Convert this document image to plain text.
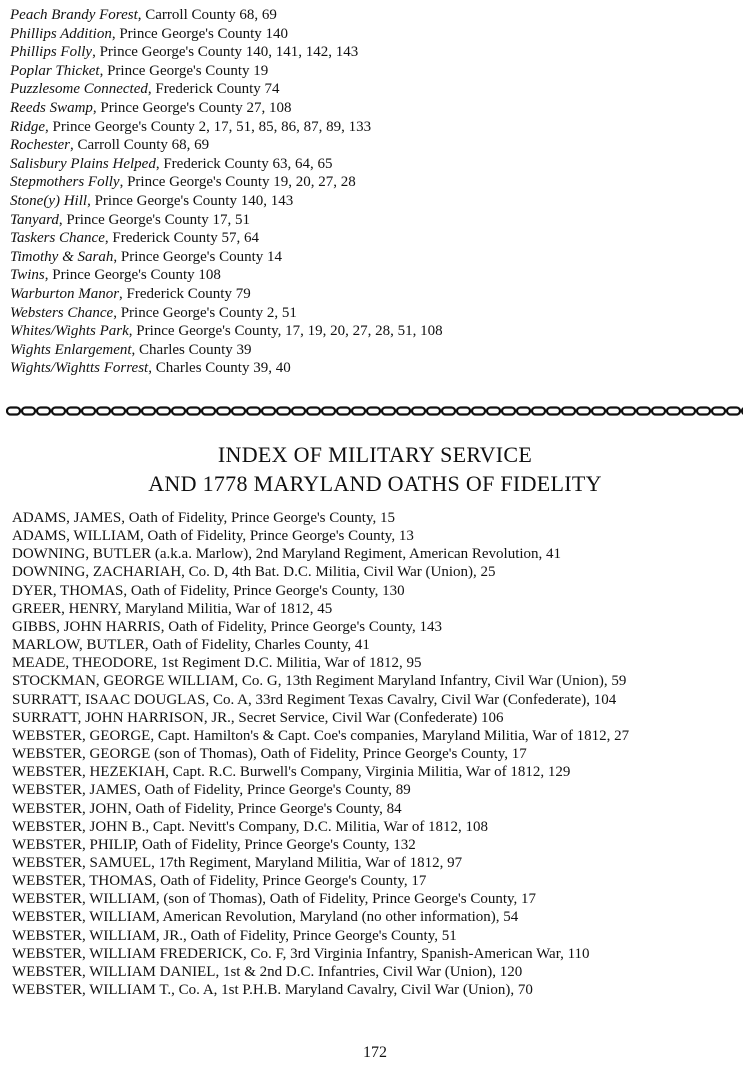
Peach Brandy Forest, Carroll County 68, 69
Phillips Addition, Prince George's County 140
Phillips Folly, Prince George's County 140, 141, 142, 143
Poplar Thicket, Prince George's County 19
Puzzlesome Connected, Frederick County 74
Reeds Swamp, Prince George's County 27, 108
Ridge, Prince George's County 2, 17, 51, 85, 86, 87, 89, 133
Rochester, Carroll County 68, 69
Salisbury Plains Helped, Frederick County 63, 64, 65
Stepmothers Folly, Prince George's County 19, 20, 27, 28
Stone(y) Hill, Prince George's County 140, 143
Tanyard, Prince George's County 17, 51
Taskers Chance, Frederick County 57, 64
Timothy & Sarah, Prince George's County 14
Twins, Prince George's County 108
Warburton Manor, Frederick County 79
Websters Chance, Prince George's County 2, 51
Whites/Wights Park, Prince George's County, 17, 19, 20, 27, 28, 51, 108
Wights Enlargement, Charles County 39
Wights/Wightts Forrest, Charles County 39, 40
INDEX OF MILITARY SERVICE
AND 1778 MARYLAND OATHS OF FIDELITY
ADAMS, JAMES, Oath of Fidelity, Prince George's County, 15
ADAMS, WILLIAM, Oath of Fidelity, Prince George's County, 13
DOWNING, BUTLER (a.k.a. Marlow), 2nd Maryland Regiment, American Revolution, 41
DOWNING, ZACHARIAH, Co. D, 4th Bat. D.C. Militia, Civil War (Union), 25
DYER, THOMAS, Oath of Fidelity, Prince George's County, 130
GREER, HENRY, Maryland Militia, War of 1812, 45
GIBBS, JOHN HARRIS, Oath of Fidelity, Prince George's County, 143
MARLOW, BUTLER, Oath of Fidelity, Charles County, 41
MEADE, THEODORE, 1st Regiment D.C. Militia, War of 1812, 95
STOCKMAN, GEORGE WILLIAM, Co. G, 13th Regiment Maryland Infantry, Civil War (Union), 59
SURRATT, ISAAC DOUGLAS, Co. A, 33rd Regiment Texas Cavalry, Civil War (Confederate), 104
SURRATT, JOHN HARRISON, JR., Secret Service, Civil War (Confederate) 106
WEBSTER, GEORGE, Capt. Hamilton's & Capt. Coe's companies, Maryland Militia, War of 1812, 27
WEBSTER, GEORGE (son of Thomas), Oath of Fidelity, Prince George's County, 17
WEBSTER, HEZEKIAH, Capt. R.C. Burwell's Company, Virginia Militia, War of 1812, 129
WEBSTER, JAMES, Oath of Fidelity, Prince George's County, 89
WEBSTER, JOHN, Oath of Fidelity, Prince George's County, 84
WEBSTER, JOHN B., Capt. Nevitt's Company, D.C. Militia, War of 1812, 108
WEBSTER, PHILIP, Oath of Fidelity, Prince George's County, 132
WEBSTER, SAMUEL, 17th Regiment, Maryland Militia, War of 1812, 97
WEBSTER, THOMAS, Oath of Fidelity, Prince George's County, 17
WEBSTER, WILLIAM, (son of Thomas), Oath of Fidelity, Prince George's County, 17
WEBSTER, WILLIAM, American Revolution, Maryland (no other information), 54
WEBSTER, WILLIAM, JR., Oath of Fidelity, Prince George's County, 51
WEBSTER, WILLIAM FREDERICK, Co. F, 3rd Virginia Infantry, Spanish-American War, 110
WEBSTER, WILLIAM DANIEL, 1st & 2nd D.C. Infantries, Civil War (Union), 120
WEBSTER, WILLIAM T., Co. A, 1st P.H.B. Maryland Cavalry, Civil War (Union), 70
172
